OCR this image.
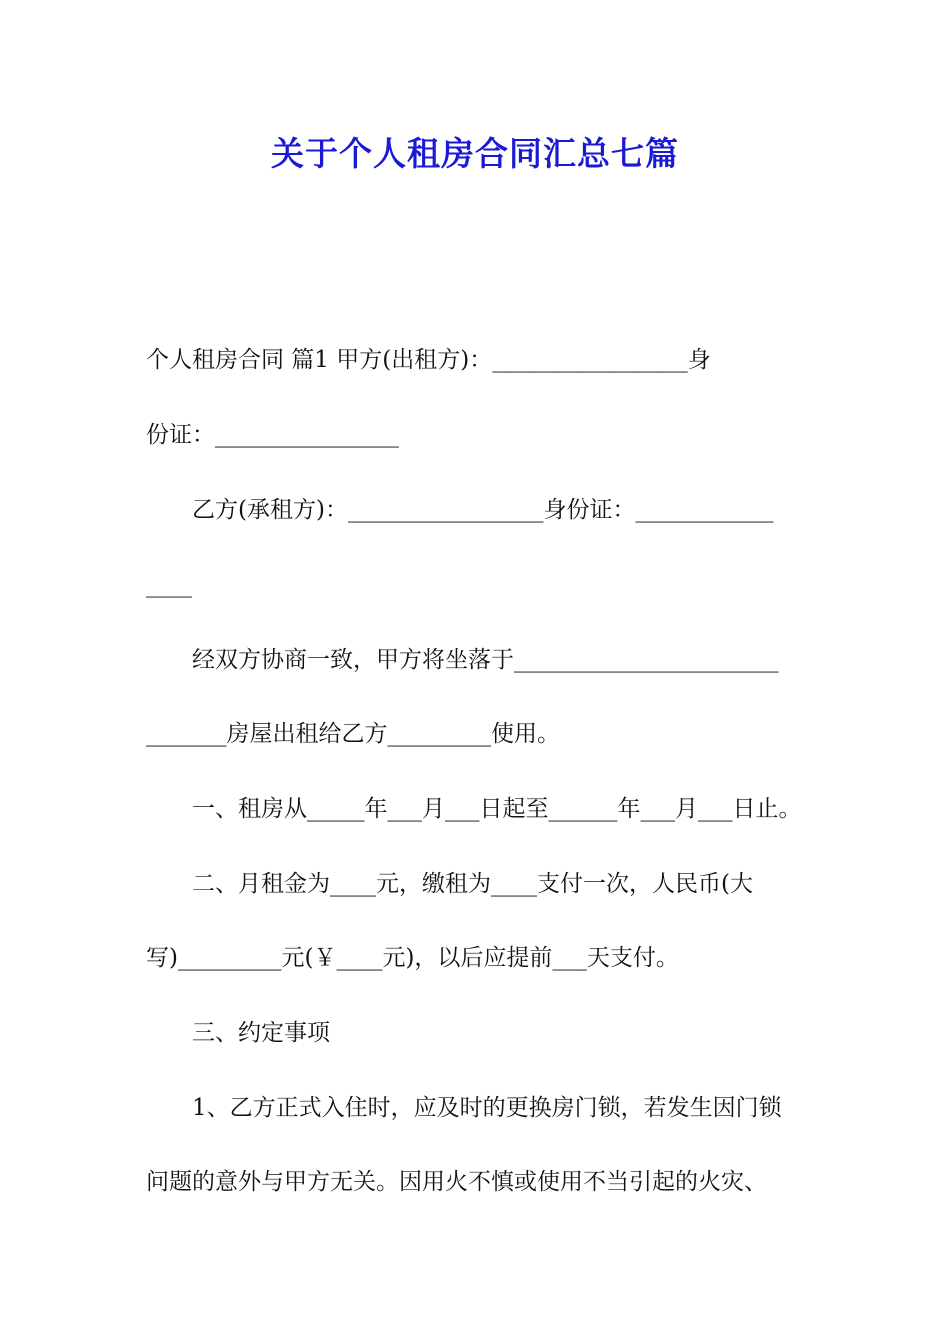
关于个人租房合同汇总七篇
个人租房合同 篇1 甲方(出租方)：_________________身
份证：________________
乙方(承租方)：_________________身份证：____________
____
经双方协商一致，甲方将坐落于_______________________
_______房屋出租给乙方_________使用。
一、租房从_____年___月___日起至______年___月___日止。
二、月租金为____元，缴租为____支付一次，人民币(大
写)_________元(￥____元)，以后应提前___天支付。
三、约定事项
1、乙方正式入住时，应及时的更换房门锁，若发生因门锁
问题的意外与甲方无关。因用火不慎或使用不当引起的火灾、
